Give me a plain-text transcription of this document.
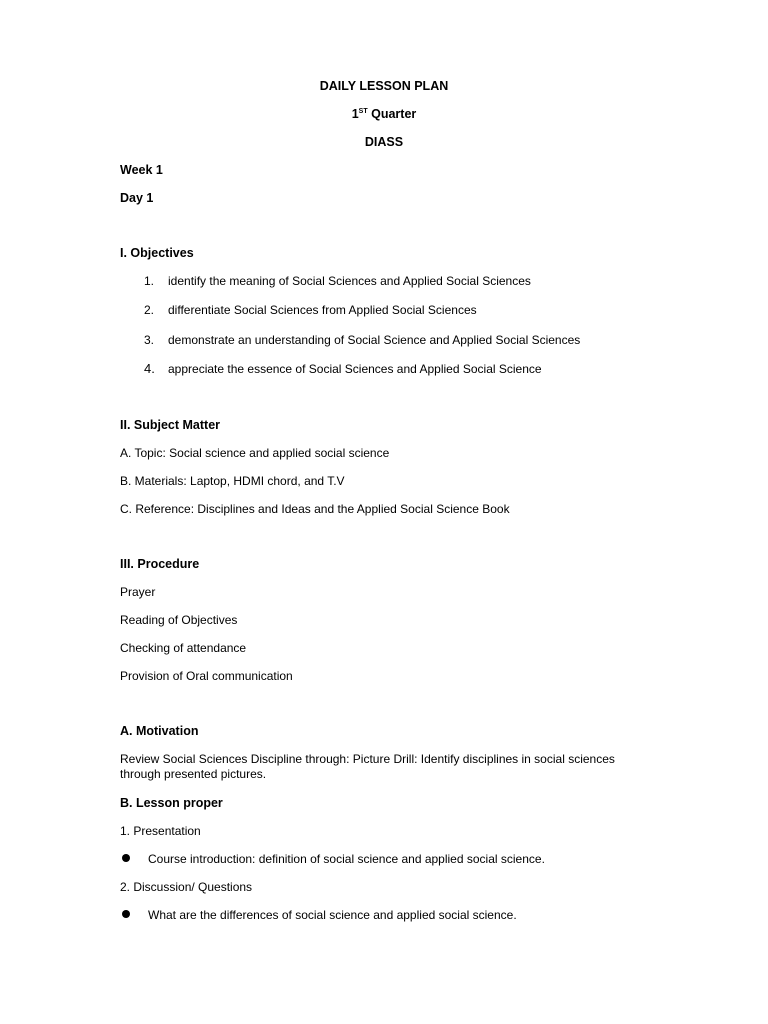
DAILY LESSON PLAN
1ST Quarter
DIASS
Week 1
Day 1
I. Objectives
1. identify the meaning of Social Sciences and Applied Social Sciences
2. differentiate Social Sciences from Applied Social Sciences
3. demonstrate an understanding of Social Science and Applied Social Sciences
4. appreciate the essence of Social Sciences and Applied Social Science
II. Subject Matter
A. Topic: Social science and applied social science
B. Materials: Laptop, HDMI chord, and T.V
C. Reference: Disciplines and Ideas and the Applied Social Science Book
III. Procedure
Prayer
Reading of Objectives
Checking of attendance
Provision of Oral communication
A. Motivation
Review Social Sciences Discipline through: Picture Drill: Identify disciplines in social sciences through presented pictures.
B. Lesson proper
1. Presentation
Course introduction: definition of social science and applied social science.
2. Discussion/ Questions
What are the differences of social science and applied social science.
